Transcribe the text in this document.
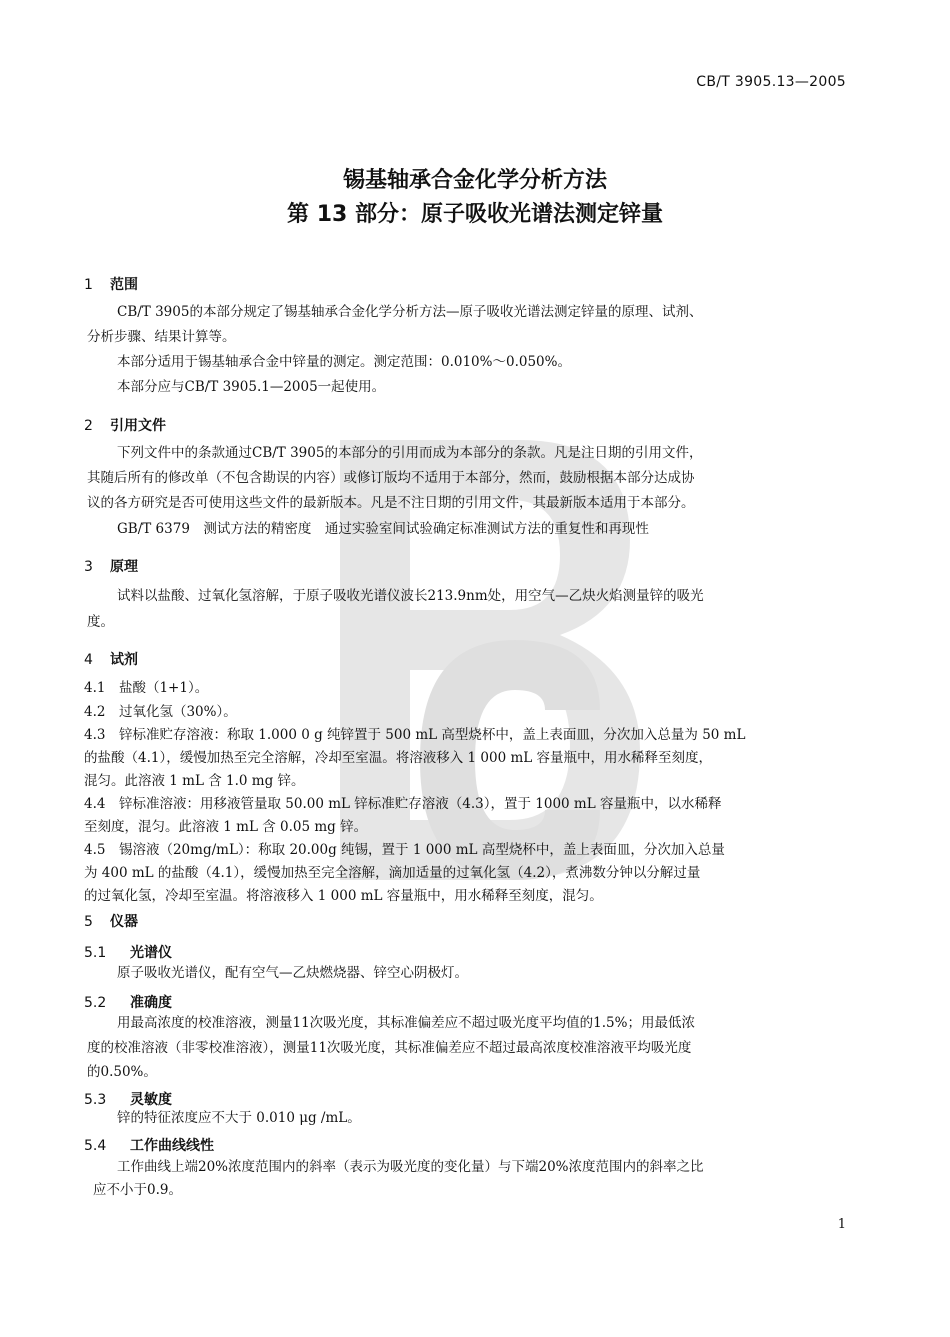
CB/T 3905.13—2005
锡基轴承合金化学分析方法
第 13 部分：原子吸收光谱法测定锌量
1 范围
CB/T 3905的本部分规定了锡基轴承合金化学分析方法—原子吸收光谱法测定锌量的原理、试剂、
分析步骤、结果计算等。
本部分适用于锡基轴承合金中锌量的测定。测定范围：0.010%～0.050%。
本部分应与CB/T 3905.1—2005一起使用。
2 引用文件
下列文件中的条款通过CB/T 3905的本部分的引用而成为本部分的条款。凡是注日期的引用文件，
其随后所有的修改单（不包含勘误的内容）或修订版均不适用于本部分，然而，鼓励根据本部分达成协
议的各方研究是否可使用这些文件的最新版本。凡是不注日期的引用文件，其最新版本适用于本部分。
GB/T 6379　测试方法的精密度　通过实验室间试验确定标准测试方法的重复性和再现性
3 原理
试料以盐酸、过氧化氢溶解，于原子吸收光谱仪波长213.9nm处，用空气—乙炔火焰测量锌的吸光
度。
4 试剂
4.1　盐酸（1+1）。
4.2　过氧化氢（30%）。
4.3　锌标准贮存溶液：称取 1.000 0 g 纯锌置于 500 mL 高型烧杯中，盖上表面皿，分次加入总量为 50 mL
的盐酸（4.1），缓慢加热至完全溶解，冷却至室温。将溶液移入 1 000 mL 容量瓶中，用水稀释至刻度，
混匀。此溶液 1 mL 含 1.0 mg 锌。
4.4　锌标准溶液：用移液管量取 50.00 mL 锌标准贮存溶液（4.3），置于 1000 mL 容量瓶中，以水稀释
至刻度，混匀。此溶液 1 mL 含 0.05 mg 锌。
4.5　锡溶液（20mg/mL）：称取 20.00g 纯锡，置于 1 000 mL 高型烧杯中，盖上表面皿，分次加入总量
为 400 mL 的盐酸（4.1），缓慢加热至完全溶解，滴加适量的过氧化氢（4.2），煮沸数分钟以分解过量
的过氧化氢，冷却至室温。将溶液移入 1 000 mL 容量瓶中，用水稀释至刻度，混匀。
5 仪器
5.1 光谱仪
原子吸收光谱仪，配有空气—乙炔燃烧器、锌空心阴极灯。
5.2 准确度
用最高浓度的校准溶液，测量11次吸光度，其标准偏差应不超过吸光度平均值的1.5%；用最低浓
度的校准溶液（非零校准溶液），测量11次吸光度，其标准偏差应不超过最高浓度校准溶液平均吸光度
的0.50%。
5.3 灵敏度
锌的特征浓度应不大于 0.010 μg /mL。
5.4 工作曲线线性
工作曲线上端20%浓度范围内的斜率（表示为吸光度的变化量）与下端20%浓度范围内的斜率之比
应不小于0.9。
1
